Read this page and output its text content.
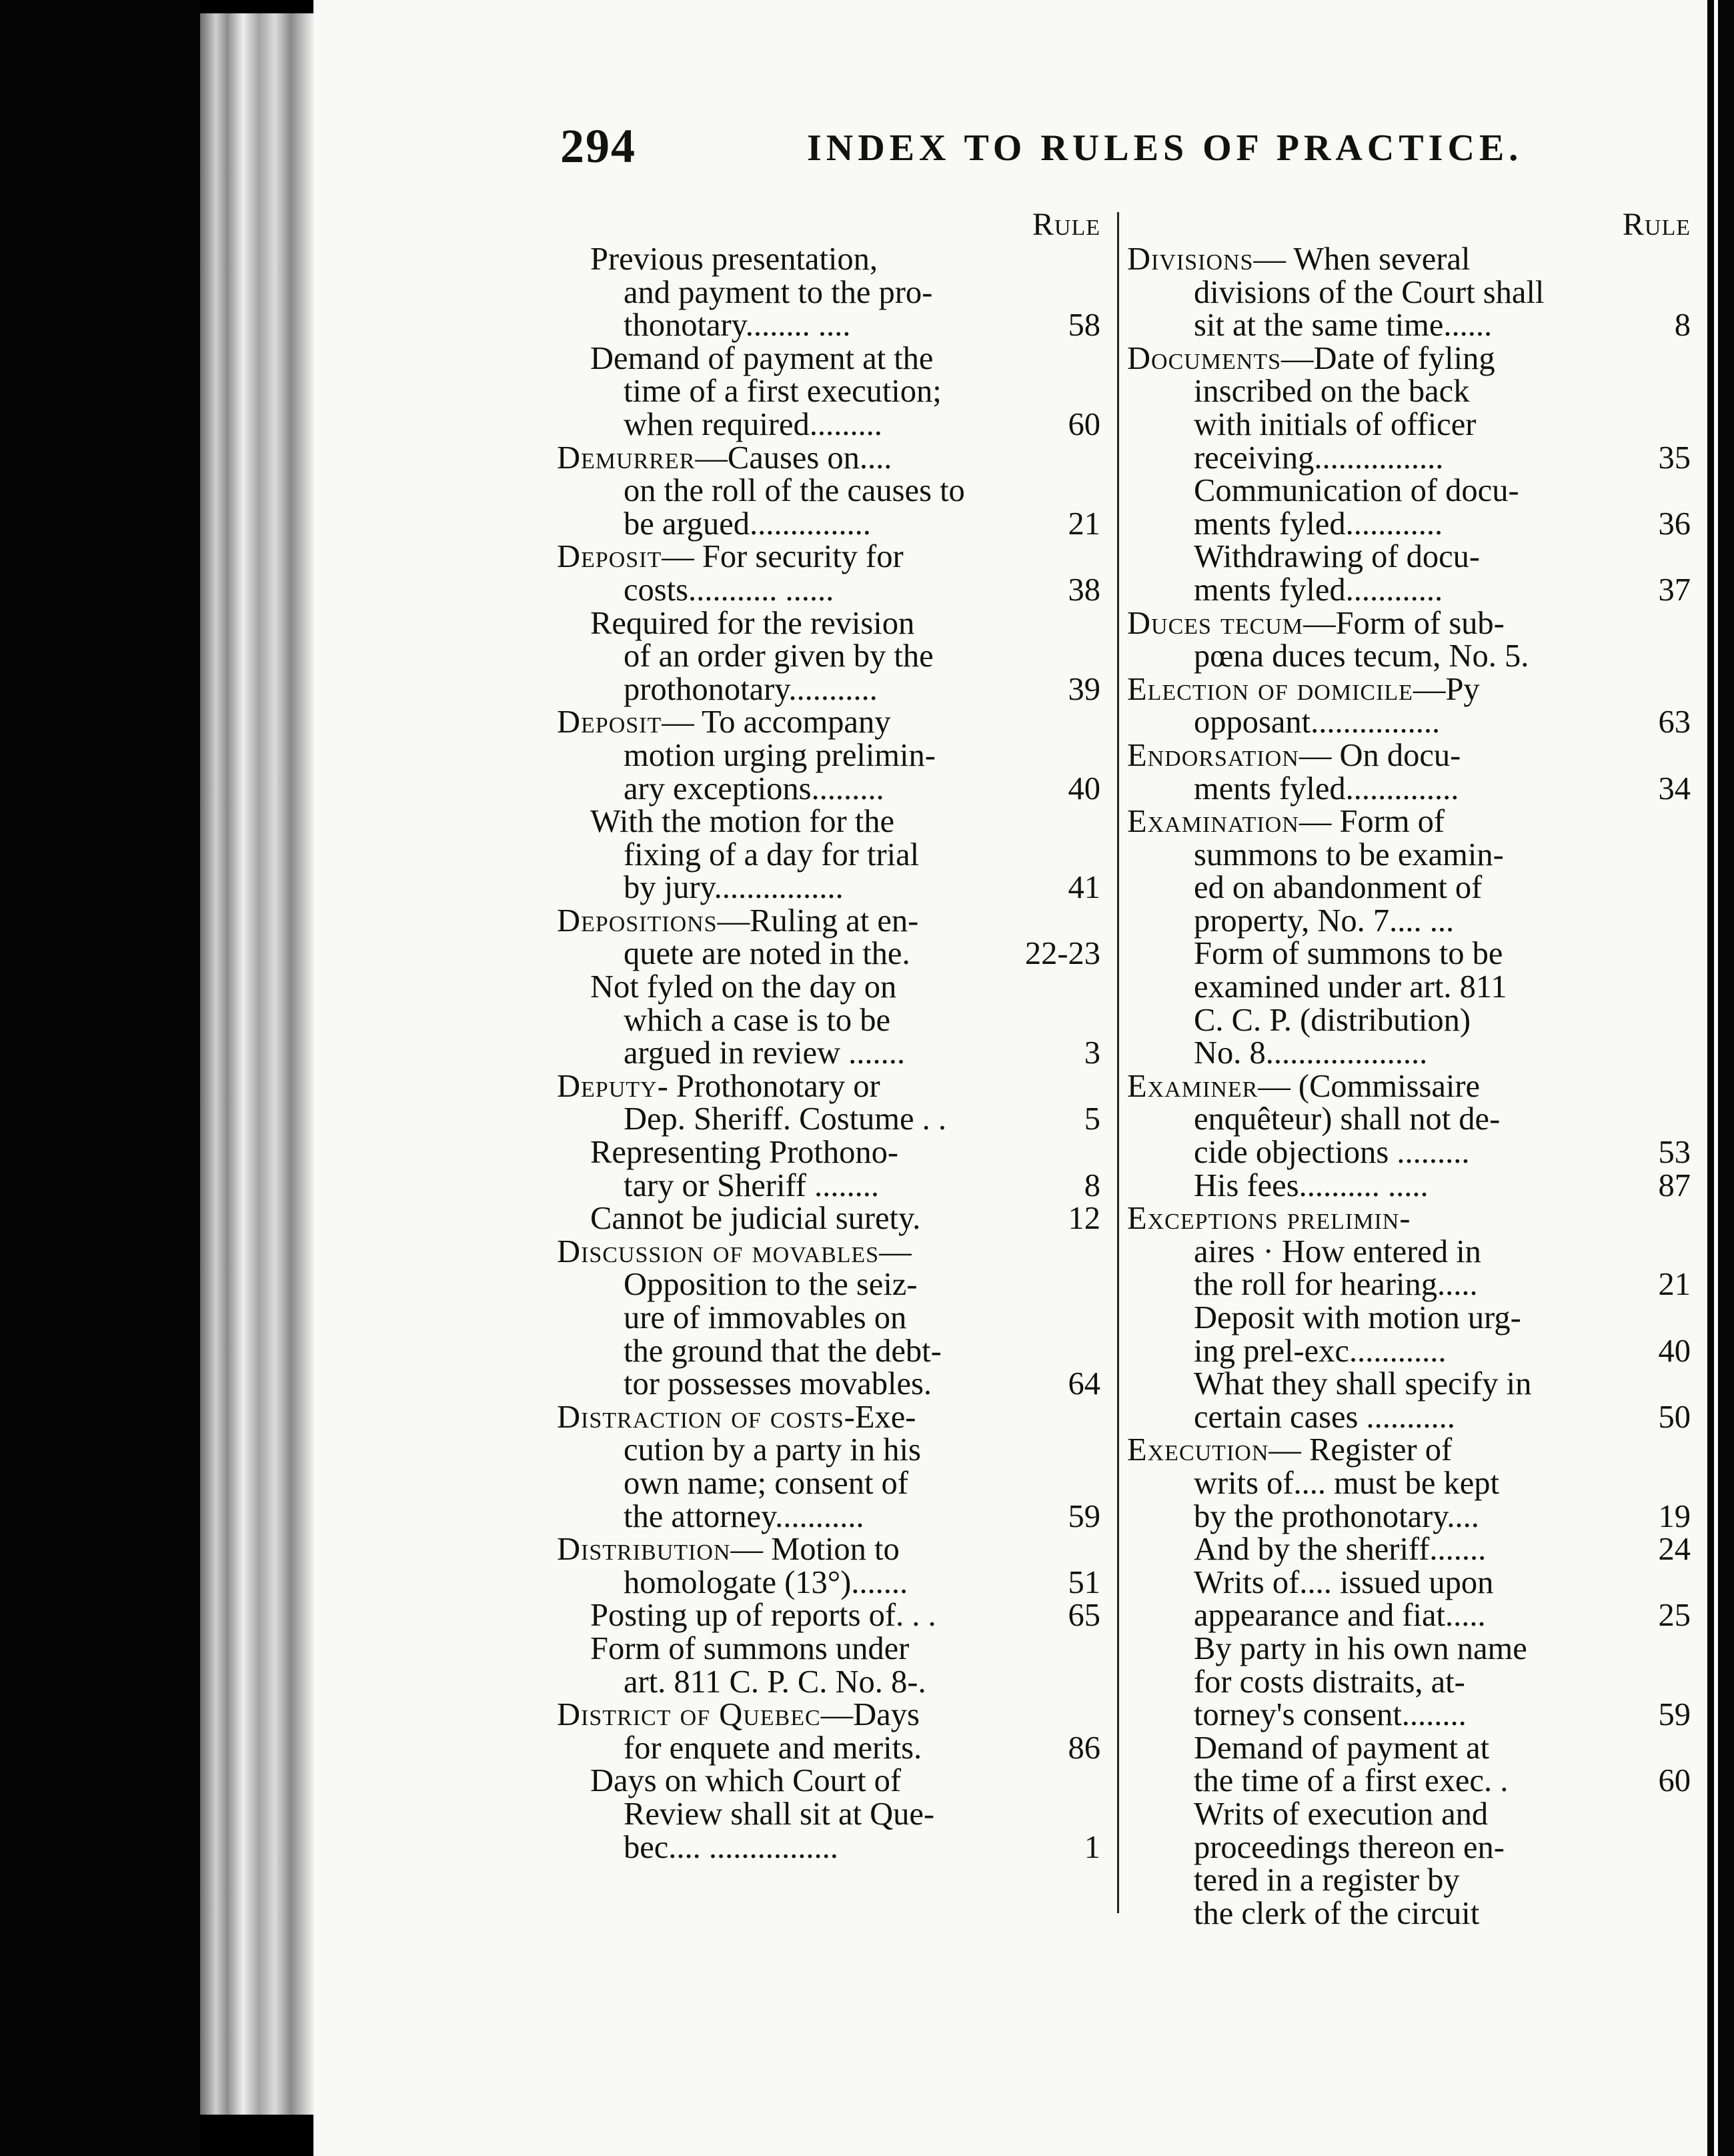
294	INDEX TO RULES OF PRACTICE.
Rule
Previous presentation,
and payment to the pro-
thonotary........ ....	58
Demand of payment at the
time of a first execution;
when required.........	60
Demurrer—Causes on....
on the roll of the causes to
be argued...............	21
Deposit— For security for
costs........... ......	38
Required for the revision
of an order given by the
prothonotary...........	39
Deposit— To accompany
motion urging prelimin-
ary exceptions.........	40
With the motion for the
fixing of a day for trial
by jury................	41
Depositions—Ruling at en-
quete are noted in the.	22-23
Not fyled on the day on
which a case is to be
argued in review .......	3
Deputy- Prothonotary or
Dep. Sheriff. Costume . .	5
Representing Prothono-
tary or Sheriff ........	8
Cannot be judicial surety.	12
Discussion of movables—
Opposition to the seiz-
ure of immovables on
the ground that the debt-
tor possesses movables.	64
Distraction of costs-Exe-
cution by a party in his
own name; consent of
the attorney...........	59
Distribution— Motion to
homologate (13°).......	51
Posting up of reports of. . .	65
Form of summons under
art. 811 C. P. C. No. 8-.
District of Quebec—Days
for enquete and merits.	86
Days on which Court of
Review shall sit at Que-
bec.... ................	1
Rule
Divisions— When several
divisions of the Court shall
sit at the same time......	8
Documents—Date of fyling
inscribed on the back
with initials of officer
receiving................	35
Communication of docu-
ments fyled............	36
Withdrawing of docu-
ments fyled............	37
Duces tecum—Form of sub-
pœna duces tecum, No. 5.
Election of domicile—Py
opposant................	63
Endorsation— On docu-
ments fyled..............	34
Examination— Form of
summons to be examin-
ed on abandonment of
property, No. 7.... ...
Form of summons to be
examined under art. 811
C. C. P. (distribution)
No. 8....................
Examiner— (Commissaire
enquêteur) shall not de-
cide objections .........	53
His fees.......... .....	87
Exceptions prelimin-
aires · How entered in
the roll for hearing.....	21
Deposit with motion urg-
ing prel-exc............	40
What they shall specify in
certain cases ...........	50
Execution— Register of
writs of.... must be kept
by the prothonotary....	19
And by the sheriff.......	24
Writs of.... issued upon
appearance and fiat.....	25
By party in his own name
for costs distraits, at-
torney's consent........	59
Demand of payment at
the time of a first exec. .	60
Writs of execution and
proceedings thereon en-
tered in a register by
the clerk of the circuit
